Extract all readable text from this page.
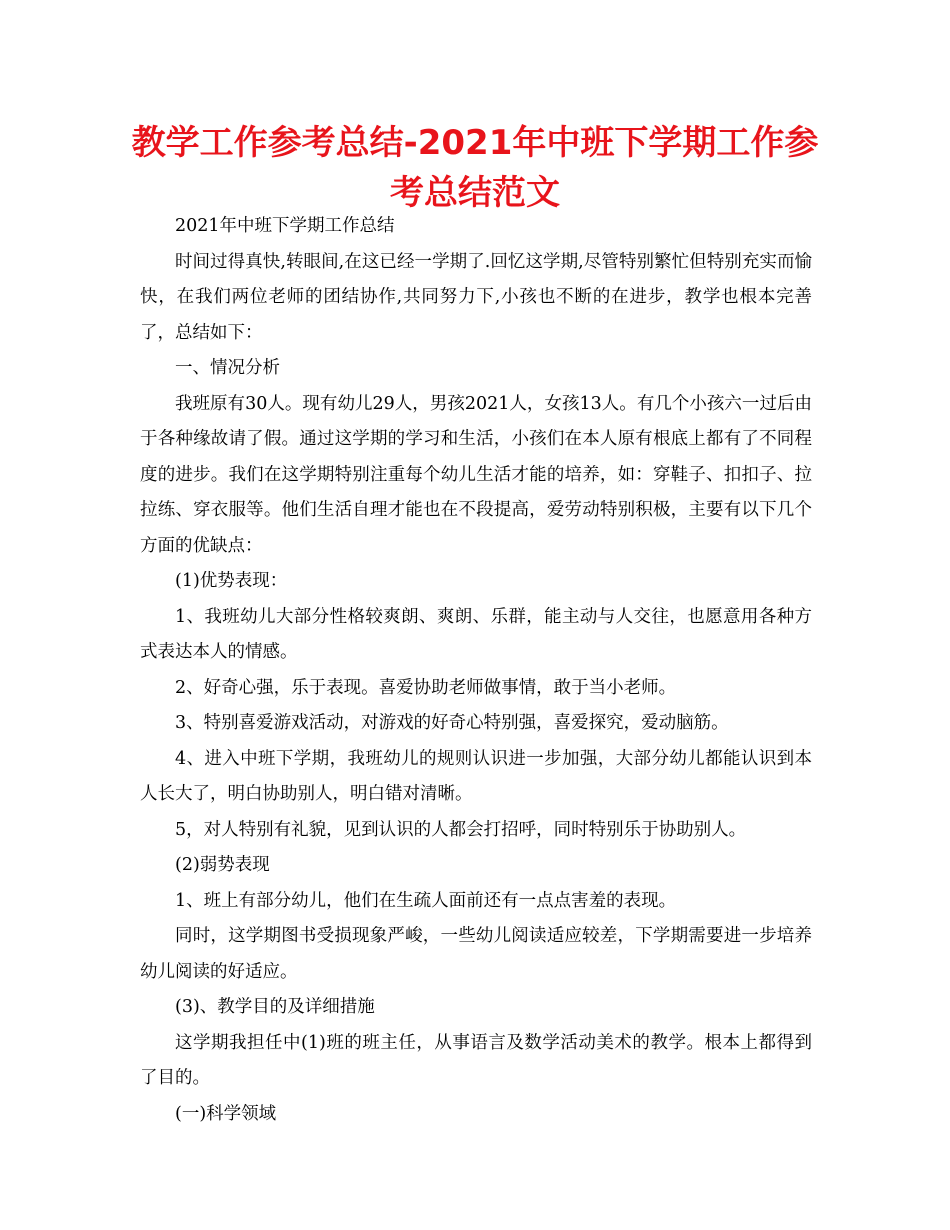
教学工作参考总结-2021年中班下学期工作参考总结范文

2021年中班下学期工作总结

时间过得真快,转眼间,在这已经一学期了.回忆这学期,尽管特别繁忙但特别充实而愉快，在我们两位老师的团结协作,共同努力下,小孩也不断的在进步，教学也根本完善了，总结如下：

一、情况分析

我班原有30人。现有幼儿29人，男孩2021人，女孩13人。有几个小孩六一过后由于各种缘故请了假。通过这学期的学习和生活，小孩们在本人原有根底上都有了不同程度的进步。我们在这学期特别注重每个幼儿生活才能的培养，如：穿鞋子、扣扣子、拉拉练、穿衣服等。他们生活自理才能也在不段提高，爱劳动特别积极，主要有以下几个方面的优缺点：

(1)优势表现：

1、我班幼儿大部分性格较爽朗、爽朗、乐群，能主动与人交往，也愿意用各种方式表达本人的情感。

2、好奇心强，乐于表现。喜爱协助老师做事情，敢于当小老师。

3、特别喜爱游戏活动，对游戏的好奇心特别强，喜爱探究，爱动脑筋。

4、进入中班下学期，我班幼儿的规则认识进一步加强，大部分幼儿都能认识到本人长大了，明白协助别人，明白错对清晰。

5，对人特别有礼貌，见到认识的人都会打招呼，同时特别乐于协助别人。

(2)弱势表现

1、班上有部分幼儿，他们在生疏人面前还有一点点害羞的表现。

同时，这学期图书受损现象严峻，一些幼儿阅读适应较差，下学期需要进一步培养幼儿阅读的好适应。

(3)、教学目的及详细措施

这学期我担任中(1)班的班主任，从事语言及数学活动美术的教学。根本上都得到了目的。

(一)科学领域
